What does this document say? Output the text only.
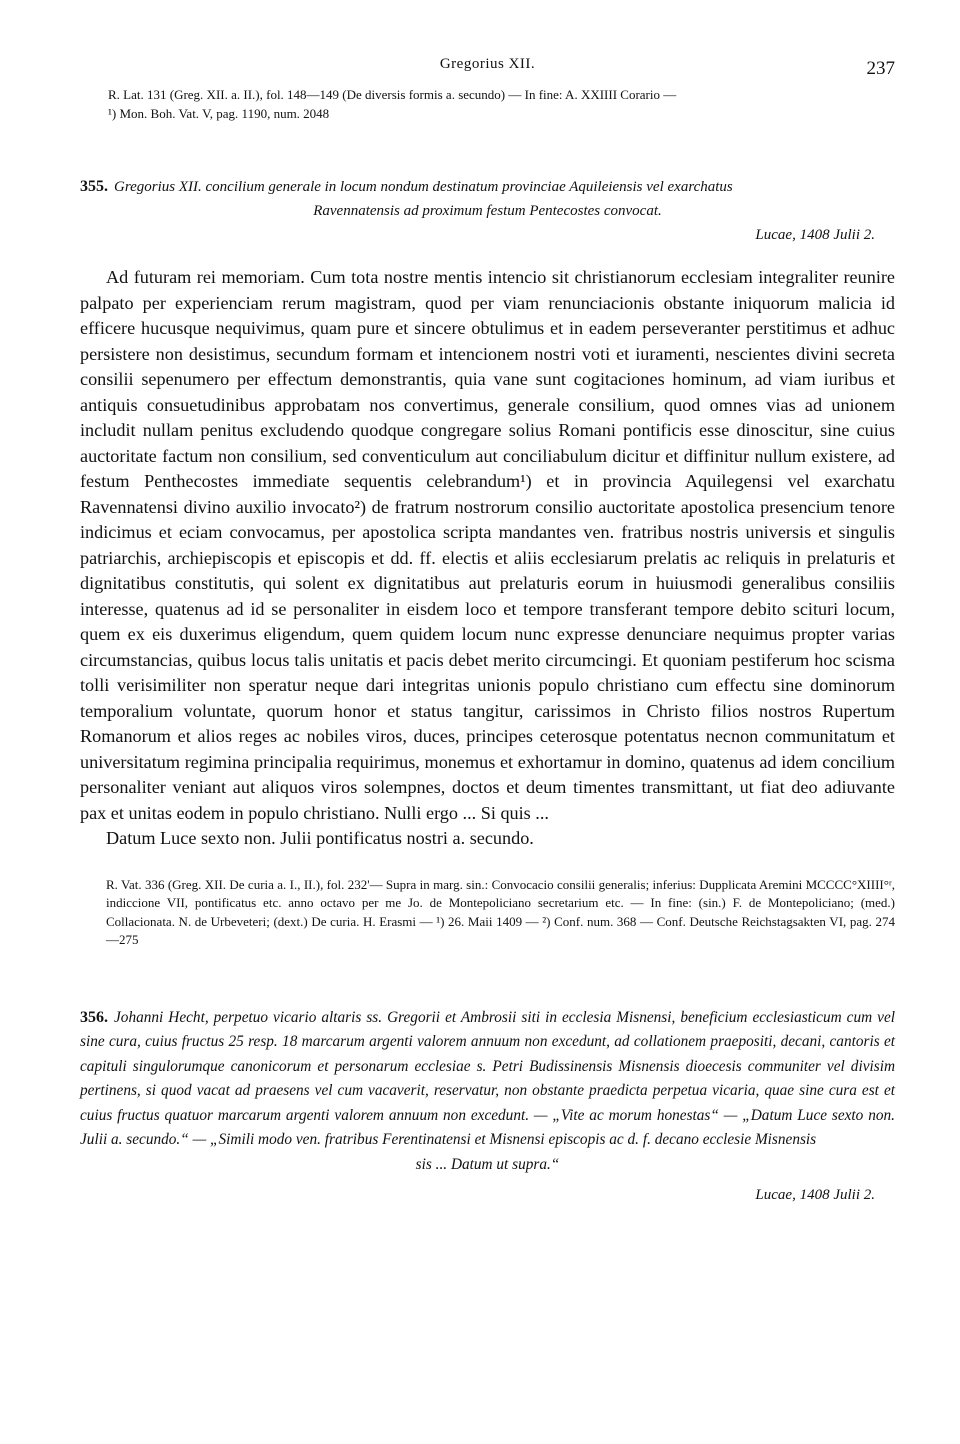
Gregorius XII.	237
R. Lat. 131 (Greg. XII. a. II.), fol. 148—149 (De diversis formis a. secundo) — In fine: A. XXIIII Corario —
¹) Mon. Boh. Vat. V, pag. 1190, num. 2048
355. Gregorius XII. concilium generale in locum nondum destinatum provinciae Aquileiensis vel exarchatus
Ravennatensis ad proximum festum Pentecostes convocat.
Lucae, 1408 Julii 2.

Ad futuram rei memoriam. Cum tota nostre mentis intencio sit christianorum ecclesiam integraliter reunire palpato per experienciam rerum magistram, quod per viam renunciacionis obstante iniquorum malicia id efficere hucusque nequivimus, quam pure et sincere obtulimus et in eadem perseveranter perstitimus et adhuc persistere non desistimus, secundum formam et intencionem nostri voti et iuramenti, nescientes divini secreta consilii sepenumero per effectum demonstrantis, quia vane sunt cogitaciones hominum, ad viam iuribus et antiquis consuetudinibus approbatam nos convertimus, generale consilium, quod omnes vias ad unionem includit nullam penitus excludendo quodque congregare solius Romani pontificis esse dinoscitur, sine cuius auctoritate factum non consilium, sed conventiculum aut conciliabulum dicitur et diffinitur nullum existere, ad festum Penthecostes immediate sequentis celebrandum¹) et in provincia Aquilegensi vel exarchatu Ravennatensi divino auxilio invocato²) de fratrum nostrorum consilio auctoritate apostolica presencium tenore indicimus et eciam convocamus, per apostolica scripta mandantes ven. fratribus nostris universis et singulis patriarchis, archiepiscopis et episcopis et dd. ff. electis et aliis ecclesiarum prelatis ac reliquis in prelaturis et dignitatibus constitutis, qui solent ex dignitatibus aut prelaturis eorum in huiusmodi generalibus consiliis interesse, quatenus ad id se personaliter in eisdem loco et tempore transferant tempore debito scituri locum, quem ex eis duxerimus eligendum, quem quidem locum nunc expresse denunciare nequimus propter varias circumstancias, quibus locus talis unitatis et pacis debet merito circumcingi. Et quoniam pestiferum hoc scisma tolli verisimiliter non speratur neque dari integritas unionis populo christiano cum effectu sine dominorum temporalium voluntate, quorum honor et status tangitur, carissimos in Christo filios nostros Rupertum Romanorum et alios reges ac nobiles viros, duces, principes ceterosque potentatus necnon communitatum et universitatum regimina principalia requirimus, monemus et exhortamur in domino, quatenus ad idem concilium personaliter veniant aut aliquos viros solempnes, doctos et deum timentes transmittant, ut fiat deo adiuvante pax et unitas eodem in populo christiano. Nulli ergo ... Si quis ...

Datum Luce sexto non. Julii pontificatus nostri a. secundo.

R. Vat. 336 (Greg. XII. De curia a. I., II.), fol. 232'— Supra in marg. sin.: Convocacio consilii generalis; inferius: Dupplicata Aremini MCCCC°XIIII°ʳ, indiccione VII, pontificatus etc. anno octavo per me Jo. de Montepoliciano secretarium etc. — In fine: (sin.) F. de Montepoliciano; (med.) Collacionata. N. de Urbeveteri; (dext.) De curia. H. Erasmi — ¹) 26. Maii 1409 — ²) Conf. num. 368 — Conf. Deutsche Reichstagsakten VI, pag. 274—275
356. Johanni Hecht, perpetuo vicario altaris ss. Gregorii et Ambrosii siti in ecclesia Misnensi, beneficium ecclesiasticum cum vel sine cura, cuius fructus 25 resp. 18 marcarum argenti valorem annuum non excedunt, ad collationem praepositi, decani, cantoris et capituli singulorumque canonicorum et personarum ecclesiae s. Petri Budissinensis Misnensis dioecesis communiter vel divisim pertinens, si quod vacat ad praesens vel cum vacaverit, reservatur, non obstante praedicta perpetua vicaria, quae sine cura est et cuius fructus quatuor marcarum argenti valorem annuum non excedunt. — „Vite ac morum honestas“ — „Datum Luce sexto non. Julii a. secundo.“ — „Simili modo ven. fratribus Ferentinatensi et Misnensi episcopis ac d. f. decano ecclesie Misnensis
sis ... Datum ut supra.“
Lucae, 1408 Julii 2.
